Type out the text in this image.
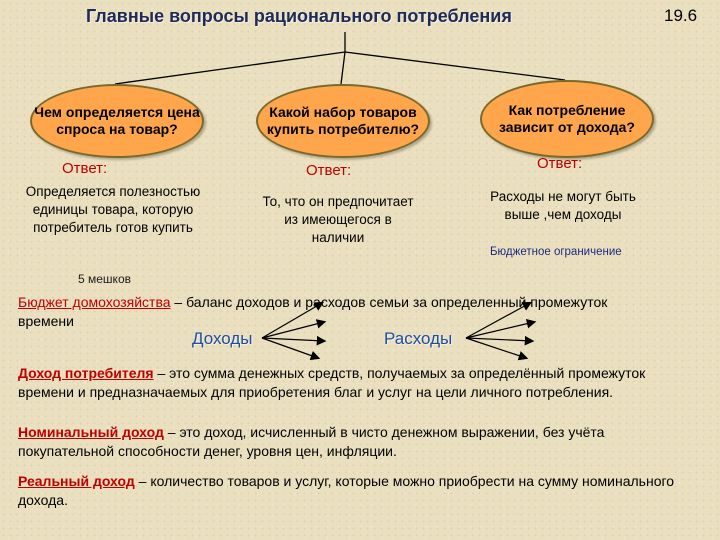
Главные вопросы рационального потребления	19.6
Чем определяется цена спроса на товар?
Какой набор товаров купить потребителю?
Как потребление зависит от дохода?
Ответ:	Ответ:	Ответ:
Определяется полезностью единицы товара, которую потребитель готов купить
То, что он предпочитает из имеющегося в наличии
Расходы не могут быть выше ,чем доходы
5 мешков
Бюджетное ограничение
Бюджет домохозяйства – баланс доходов и расходов семьи за определенный промежуток времени
Доходы	Расходы
Доход потребителя – это сумма денежных средств, получаемых за определённый промежуток времени и предназначаемых для приобретения благ и услуг на цели личного потребления.
Номинальный доход – это доход, исчисленный в чисто денежном выражении, без учёта покупательной способности денег, уровня цен, инфляции.
Реальный доход – количество товаров и услуг, которые можно приобрести на сумму номинального дохода.
